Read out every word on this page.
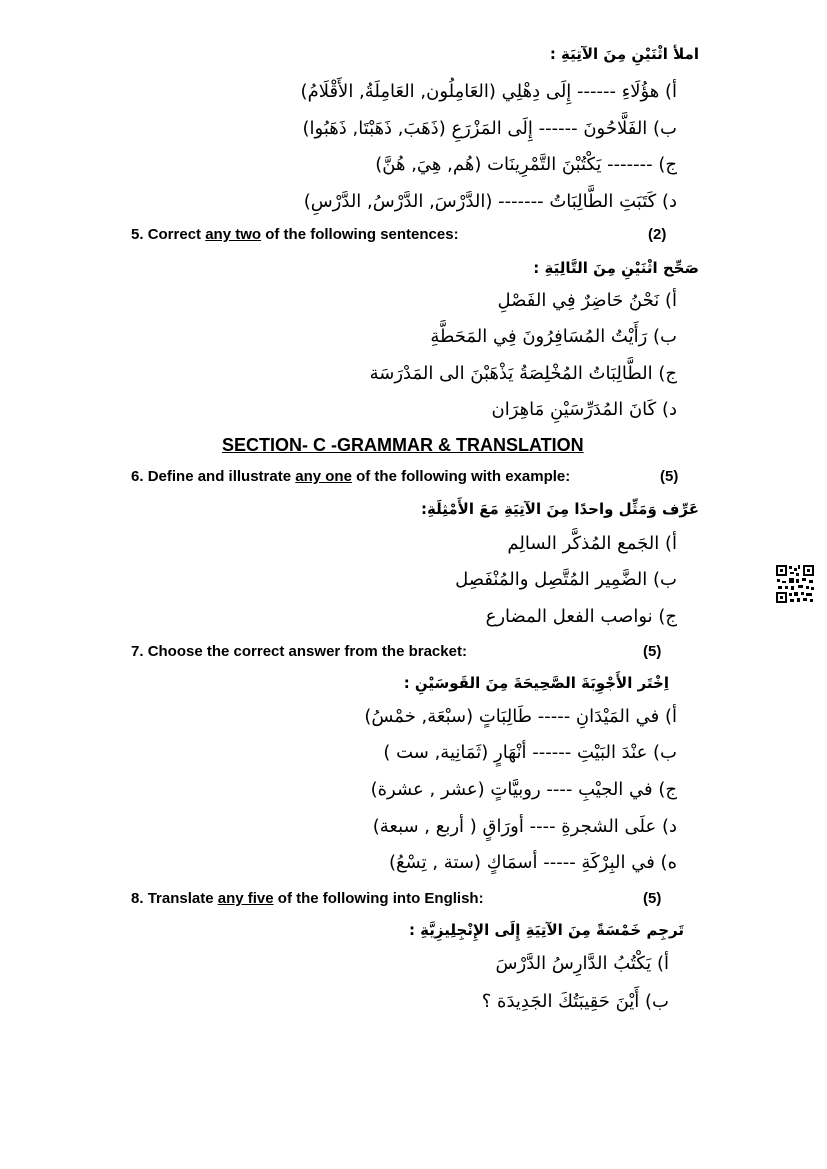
املأ اثْنَيْنِ مِنَ الآتِيَةِ :
أ) هؤُلَاءِ ------ إِلَى دِهْلِي (العَامِلُون, العَامِلَةُ, الأَقْلَامُ)
ب) الفَلَّاحُونَ ------ إِلَى المَزْرَعِ (ذَهَبَ, ذَهَبْتَا, ذَهَبُوا)
ج) ------- يَكْتُبْنَ التَّمْرِينَات (هُم, هِيَ, هُنَّ)
د) كَتَبَتِ الطَّالِبَاتُ ------- (الدَّرْسَ, الدَّرْسُ, الدَّرْسِ)
5. Correct any two of the following sentences:	(2)
صَحِّح اثْنَيْنِ مِنَ التَّالِيَةِ :
أ) نَحْنُ حَاضِرٌ فِي الفَصْلِ
ب) رَأَيْتُ المُسَافِرُونَ فِي المَحَطَّةِ
ج) الطَّالِبَاتُ المُخْلِصَةُ يَذْهَبْنَ الى المَدْرَسَة
د) كَانَ المُدَرِّسَيْنِ مَاهِرَان
SECTION- C -GRAMMAR & TRANSLATION
6. Define and illustrate any one of the following with example:	(5)
عَرِّف وَمَثِّل واحدًا مِنَ الآتِيَةِ مَعَ الأَمْثِلَةِ:
أ) الجَمع المُذكَّر السالِم
ب) الضَّمِير المُتَّصِل والمُنْفَصِل
ج) نواصب الفعل المضارع
7. Choose the correct answer from the bracket:	(5)
اِخْتَر الأَجْوِبَةَ الصَّحِيحَةَ مِنَ القَوسَيْنِ :
أ) في المَيْدَانِ ----- طَالِبَاتٍ (سبْعَة, خمْسُ)
ب) عنْدَ البَيْتِ ------ أنْهَارٍ (ثَمَانِية, ست )
ج) في الجيْبِ ---- روبيَّاتٍ (عشر , عشرة)
د) علَى الشجرةِ ---- أورَاقٍ ( أربع , سبعة)
ه) في البِرْكَةِ ----- أسمَاكٍ (ستة , تِسْعُ)
8. Translate any five of the following into English:	(5)
تَرجِم خَمْسَةً مِنَ الآتِيَةِ إِلَى الإِنْجِلِيزِيَّةِ :
أ) يَكْتُبُ الدَّارِسُ الدَّرْسَ
ب) أَيْنَ حَقِيبَتُكَ الجَدِيدَة ؟
